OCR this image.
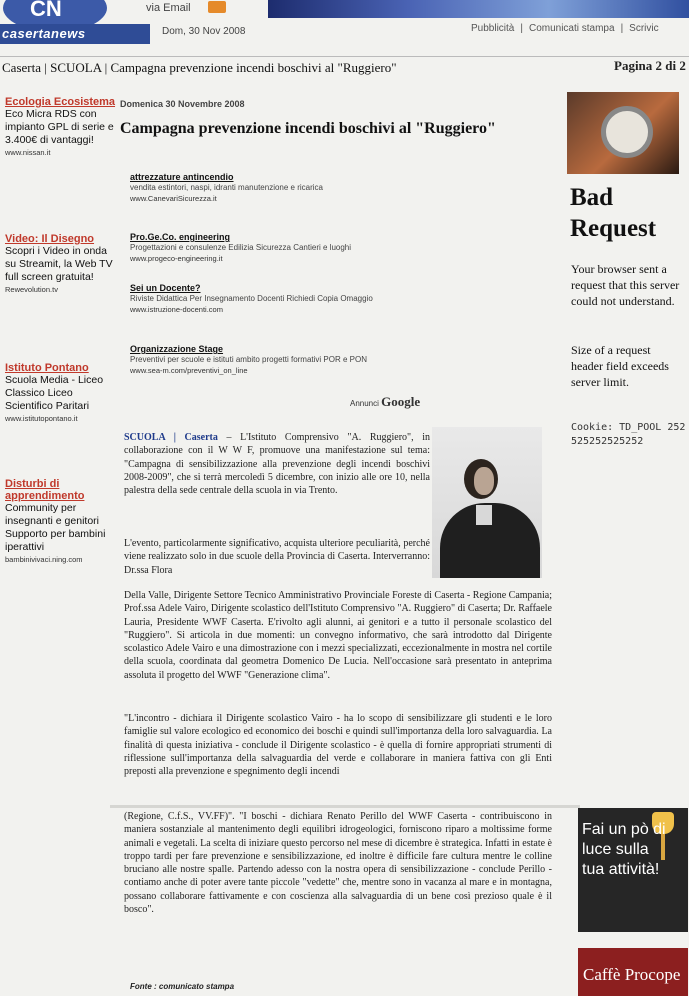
CN
casertanews
via Email
Dom, 30 Nov 2008	Pubblicità | Comunicati stampa | Scrivic
Caserta | SCUOLA | Campagna prevenzione incendi boschivi al "Ruggiero"	Pagina 2 di 2
Ecologia Ecosistema
Eco Micra RDS con impianto GPL di serie e 3.400€ di vantaggi!
www.nissan.it
Video: Il Disegno
Scopri i Video in onda su Streamit, la Web TV full screen gratuita!
Rewevolution.tv
Istituto Pontano
Scuola Media - Liceo Classico Liceo Scientifico Paritari
www.istitutopontano.it
Disturbi di apprendimento
Community per insegnanti e genitori Supporto per bambini iperattivi
bambinivivaci.ning.com
Domenica 30 Novembre 2008
Campagna prevenzione incendi boschivi al "Ruggiero"
attrezzature antincendio
vendita estintori, naspi, idranti manutenzione e ricarica
www.CanevariSicurezza.it
Pro.Ge.Co. engineering
Progettazioni e consulenze Edilizia Sicurezza Cantieri e luoghi
www.progeco-engineering.it
Sei un Docente?
Riviste Didattica Per Insegnamento Docenti Richiedi Copia Omaggio
www.istruzione-docenti.com
Organizzazione Stage
Preventivi per scuole e istituti ambito progetti formativi POR e PON
www.sea-m.com/preventivi_on_line
Annunci Google
SCUOLA | Caserta – L'Istituto Comprensivo "A. Ruggiero", in collaborazione con il W W F, promuove una manifestazione sul tema: "Campagna di sensibilizzazione alla prevenzione degli incendi boschivi 2008-2009", che si terrà mercoledì 5 dicembre, con inizio alle ore 10, nella palestra della sede centrale della scuola in via Trento.
L'evento, particolarmente significativo, acquista ulteriore peculiarità, perché viene realizzato solo in due scuole della Provincia di Caserta. Interverranno: Dr.ssa Flora
Della Valle, Dirigente Settore Tecnico Amministrativo Provinciale Foreste di Caserta - Regione Campania; Prof.ssa Adele Vairo, Dirigente scolastico dell'Istituto Comprensivo "A. Ruggiero" di Caserta; Dr. Raffaele Lauria, Presidente WWF Caserta. E'rivolto agli alunni, ai genitori e a tutto il personale scolastico del "Ruggiero". Si articola in due momenti: un convegno informativo, che sarà introdotto dal Dirigente scolastico Adele Vairo e una dimostrazione con i mezzi specializzati, eccezionalmente in mostra nel cortile della scuola, coordinata dal geometra Domenico De Lucia. Nell'occasione sarà presentato in anteprima assoluta il progetto del WWF "Generazione clima".
"L'incontro - dichiara il Dirigente scolastico Vairo - ha lo scopo di sensibilizzare gli studenti e le loro famiglie sul valore ecologico ed economico dei boschi e quindi sull'importanza della loro salvaguardia. La finalità di questa iniziativa - conclude il Dirigente scolastico - è quella di fornire appropriati strumenti di riflessione sull'importanza della salvaguardia del verde e collaborare in maniera fattiva con gli Enti preposti alla prevenzione e spegnimento degli incendi
(Regione, C.f.S., VV.FF)". "I boschi - dichiara Renato Perillo del WWF Caserta - contribuiscono in maniera sostanziale al mantenimento degli equilibri idrogeologici, forniscono riparo a moltissime forme animali e vegetali. La scelta di iniziare questo percorso nel mese di dicembre è strategica. Infatti in estate è troppo tardi per fare prevenzione e sensibilizzazione, ed inoltre è difficile fare cultura mentre le colline bruciano alle nostre spalle. Partendo adesso con la nostra opera di sensibilizzazione - conclude Perillo - contiamo anche di poter avere tante piccole "vedette" che, mentre sono in vacanza al mare e in montagna, possano collaborare fattivamente e con coscienza alla salvaguardia di un bene così prezioso quale è il bosco".
Fonte : comunicato stampa
Bad Request
Your browser sent a request that this server could not understand.
Size of a request header field exceeds server limit.
Cookie: TD_POOL 252525252525252
Fai un pò di luce sulla tua attività!
Caffè Procope
